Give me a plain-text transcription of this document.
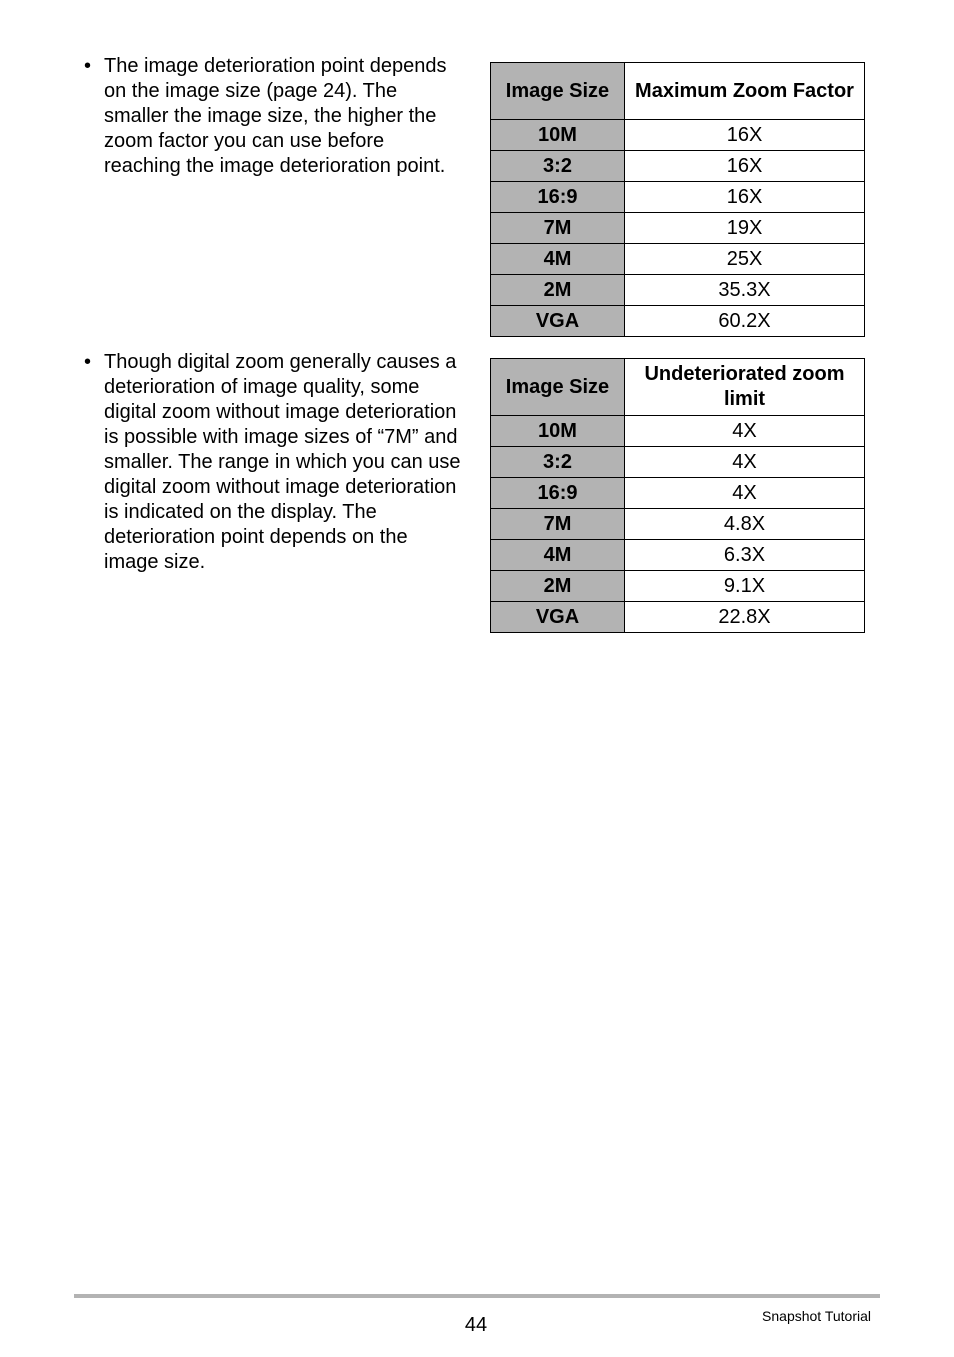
• The image deterioration point depends on the image size (page 24). The smaller the image size, the higher the zoom factor you can use before reaching the image deterioration point.
Image Size	Maximum Zoom Factor
10M	16X
3:2	16X
16:9	16X
7M	19X
4M	25X
2M	35.3X
VGA	60.2X
• Though digital zoom generally causes a deterioration of image quality, some digital zoom without image deterioration is possible with image sizes of “7M” and smaller. The range in which you can use digital zoom without image deterioration is indicated on the display. The deterioration point depends on the image size.
Image Size	Undeteriorated zoom limit
10M	4X
3:2	4X
16:9	4X
7M	4.8X
4M	6.3X
2M	9.1X
VGA	22.8X
44	Snapshot Tutorial
